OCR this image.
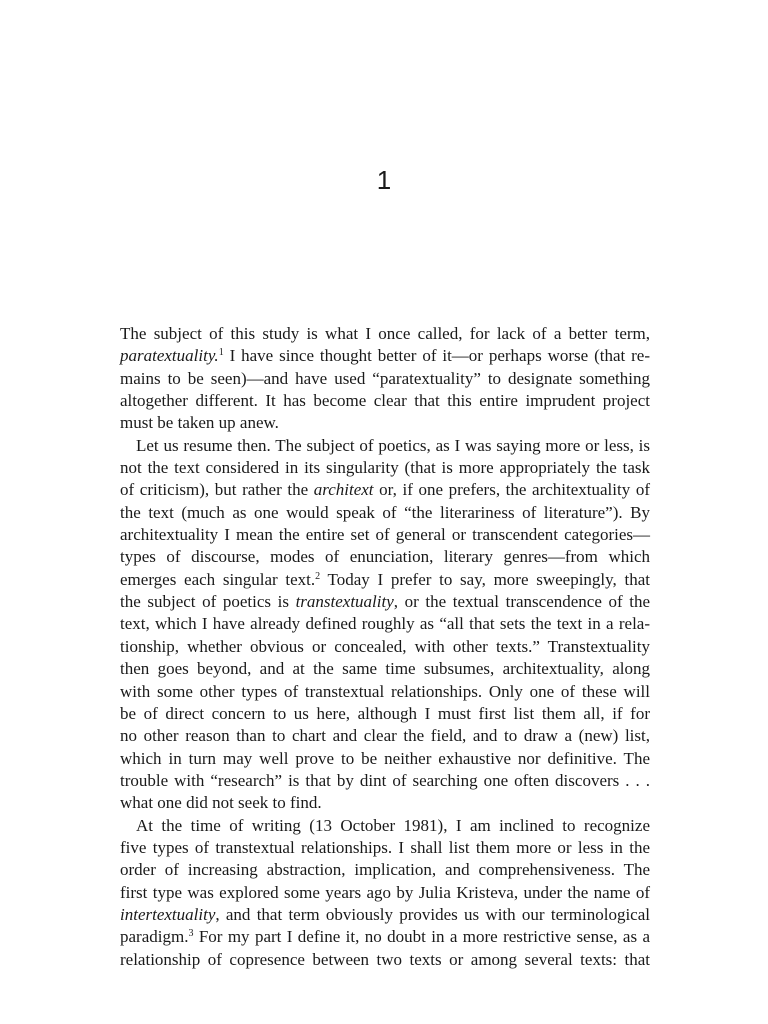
1

The subject of this study is what I once called, for lack of a better term,

paratextuality.$^1$ I have since thought better of it—or perhaps worse (that re-

mains to be seen)—and have used “paratextuality” to designate something

altogether different. It has become clear that this entire imprudent project

must be taken up anew.

Let us resume then. The subject of poetics, as I was saying more or less, is

not the text considered in its singularity (that is more appropriately the task

of criticism), but rather the architext or, if one prefers, the architextuality of

the text (much as one would speak of “the literariness of literature”). By

architextuality I mean the entire set of general or transcendent categories—

types of discourse, modes of enunciation, literary genres—from which

emerges each singular text.$^2$ Today I prefer to say, more sweepingly, that

the subject of poetics is transtextuality, or the textual transcendence of the

text, which I have already defined roughly as “all that sets the text in a rela-

tionship, whether obvious or concealed, with other texts.” Transtextuality

then goes beyond, and at the same time subsumes, architextuality, along

with some other types of transtextual relationships. Only one of these will

be of direct concern to us here, although I must first list them all, if for

no other reason than to chart and clear the field, and to draw a (new) list,

which in turn may well prove to be neither exhaustive nor definitive. The

trouble with “research” is that by dint of searching one often discovers . . .

what one did not seek to find.

At the time of writing (13 October 1981), I am inclined to recognize

five types of transtextual relationships. I shall list them more or less in the

order of increasing abstraction, implication, and comprehensiveness. The

first type was explored some years ago by Julia Kristeva, under the name of

intertextuality, and that term obviously provides us with our terminological

paradigm.$^3$ For my part I define it, no doubt in a more restrictive sense, as a

relationship of copresence between two texts or among several texts: that
